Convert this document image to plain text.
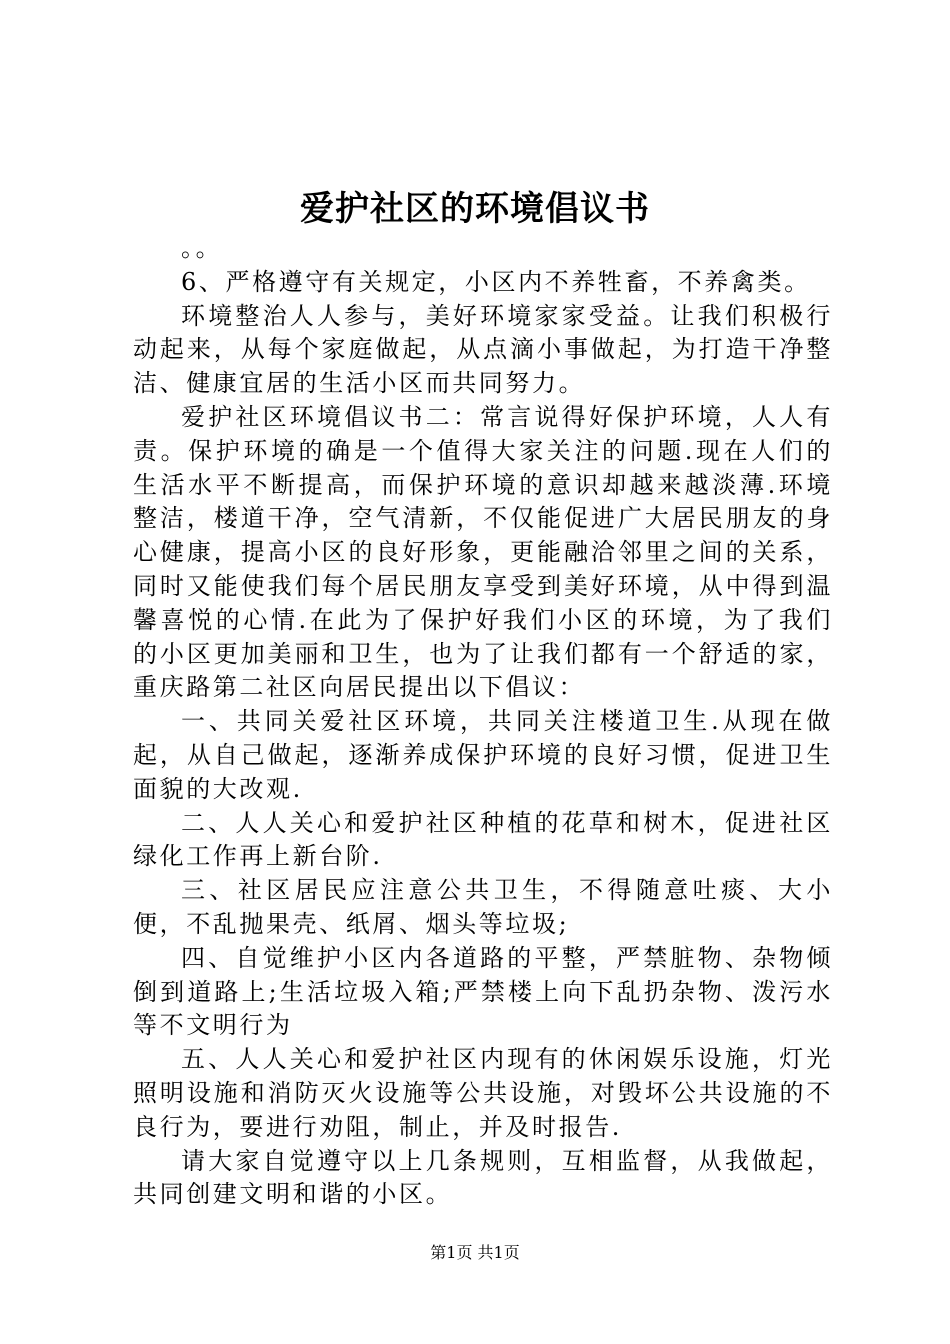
爱护社区的环境倡议书

。。

6、严格遵守有关规定，小区内不养牲畜，不养禽类。

环境整治人人参与，美好环境家家受益。让我们积极行动起来，从每个家庭做起，从点滴小事做起，为打造干净整洁、健康宜居的生活小区而共同努力。

爱护社区环境倡议书二：常言说得好保护环境，人人有责。保护环境的确是一个值得大家关注的问题.现在人们的生活水平不断提高，而保护环境的意识却越来越淡薄.环境整洁，楼道干净，空气清新，不仅能促进广大居民朋友的身心健康，提高小区的良好形象，更能融洽邻里之间的关系，同时又能使我们每个居民朋友享受到美好环境，从中得到温馨喜悦的心情.在此为了保护好我们小区的环境，为了我们的小区更加美丽和卫生，也为了让我们都有一个舒适的家，重庆路第二社区向居民提出以下倡议：

一、共同关爱社区环境，共同关注楼道卫生.从现在做起，从自己做起，逐渐养成保护环境的良好习惯，促进卫生面貌的大改观.

二、人人关心和爱护社区种植的花草和树木，促进社区绿化工作再上新台阶.

三、社区居民应注意公共卫生，不得随意吐痰、大小便，不乱抛果壳、纸屑、烟头等垃圾;

四、自觉维护小区内各道路的平整，严禁脏物、杂物倾倒到道路上;生活垃圾入箱;严禁楼上向下乱扔杂物、泼污水等不文明行为

五、人人关心和爱护社区内现有的休闲娱乐设施，灯光照明设施和消防灭火设施等公共设施，对毁坏公共设施的不良行为，要进行劝阻，制止，并及时报告.

请大家自觉遵守以上几条规则，互相监督，从我做起，共同创建文明和谐的小区。

第1页 共1页
